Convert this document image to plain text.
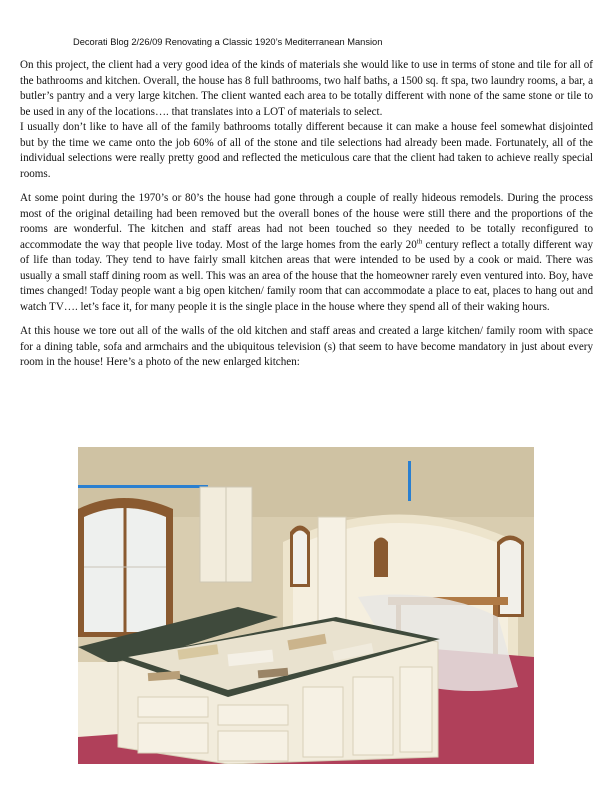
Decorati Blog 2/26/09 Renovating a Classic 1920’s Mediterranean Mansion

On this project, the client had a very good idea of the kinds of materials she would like to use in terms of stone and tile for all of the bathrooms and kitchen. Overall, the house has 8 full bathrooms, two half baths, a 1500 sq. ft spa, two laundry rooms, a bar, a butler’s pantry and a very large kitchen. The client wanted each area to be totally different with none of the same stone or tile to be used in any of the locations…. that translates into a LOT of materials to select.

I usually don’t like to have all of the family bathrooms totally different because it can make a house feel somewhat disjointed but by the time we came onto the job 60% of all of the stone and tile selections had already been made. Fortunately, all of the individual selections were really pretty good and reflected the meticulous care that the client had taken to achieve really special rooms.

At some point during the 1970’s or 80’s the house had gone through a couple of really hideous remodels. During the process most of the original detailing had been removed but the overall bones of the house were still there and the proportions of the rooms are wonderful. The kitchen and staff areas had not been touched so they needed to be totally reconfigured to accommodate the way that people live today. Most of the large homes from the early 20th century reflect a totally different way of life than today. They tend to have fairly small kitchen areas that were intended to be used by a cook or maid. There was usually a small staff dining room as well. This was an area of the house that the homeowner rarely even ventured into. Boy, have times changed! Today people want a big open kitchen/ family room that can accommodate a place to eat, places to hang out and watch TV…. let’s face it, for many people it is the single place in the house where they spend all of their waking hours.

At this house we tore out all of the walls of the old kitchen and staff areas and created a large kitchen/ family room with space for a dining table, sofa and armchairs and the ubiquitous television (s) that seem to have become mandatory in just about every room in the house! Here’s a photo of the new enlarged kitchen:
